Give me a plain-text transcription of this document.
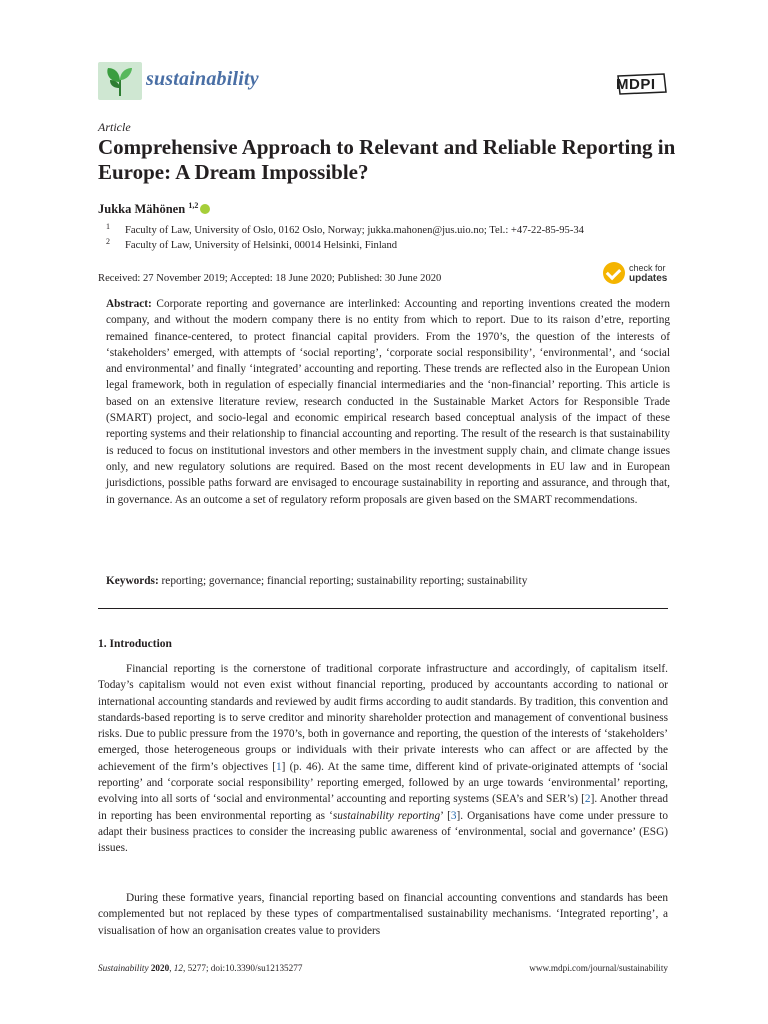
sustainability	MDPI
Article
Comprehensive Approach to Relevant and Reliable Reporting in Europe: A Dream Impossible?
Jukka Mähönen $^{1,2}$
1 Faculty of Law, University of Oslo, 0162 Oslo, Norway; jukka.mahonen@jus.uio.no; Tel.: +47-22-85-95-34
2 Faculty of Law, University of Helsinki, 00014 Helsinki, Finland
Received: 27 November 2019; Accepted: 18 June 2020; Published: 30 June 2020
check for
updates
Abstract: Corporate reporting and governance are interlinked: Accounting and reporting inventions created the modern company, and without the modern company there is no entity from which to report. Due to its raison d’etre, reporting remained finance-centered, to protect financial capital providers. From the 1970’s, the question of the interests of ‘stakeholders’ emerged, with attempts of ‘social reporting’, ‘corporate social responsibility’, ‘environmental’, and ‘social and environmental’ and finally ‘integrated’ accounting and reporting. These trends are reflected also in the European Union legal framework, both in regulation of especially financial intermediaries and the ‘non-financial’ reporting. This article is based on an extensive literature review, research conducted in the Sustainable Market Actors for Responsible Trade (SMART) project, and socio-legal and economic empirical research based conceptual analysis of the impact of these reporting systems and their relationship to financial accounting and reporting. The result of the research is that sustainability is reduced to focus on institutional investors and other members in the investment supply chain, and climate change issues only, and new regulatory solutions are required. Based on the most recent developments in EU law and in European jurisdictions, possible paths forward are envisaged to encourage sustainability in reporting and assurance, and through that, in governance. As an outcome a set of regulatory reform proposals are given based on the SMART recommendations.
Keywords: reporting; governance; financial reporting; sustainability reporting; sustainability
1. Introduction

Financial reporting is the cornerstone of traditional corporate infrastructure and accordingly, of capitalism itself. Today’s capitalism would not even exist without financial reporting, produced by accountants according to national or international accounting standards and reviewed by audit firms according to audit standards. By tradition, this convention and standards-based reporting is to serve creditor and minority shareholder protection and management of conventional business risks. Due to public pressure from the 1970’s, both in governance and reporting, the question of the interests of ‘stakeholders’ emerged, those heterogeneous groups or individuals with their private interests who can affect or are affected by the achievement of the firm’s objectives [1] (p. 46). At the same time, different kind of private-originated attempts of ‘social reporting’ and ‘corporate social responsibility’ reporting emerged, followed by an urge towards ‘environmental’ reporting, evolving into all sorts of ‘social and environmental’ accounting and reporting systems (SEA’s and SER’s) [2]. Another thread in reporting has been environmental reporting as ‘sustainability reporting’ [3]. Organisations have come under pressure to adapt their business practices to consider the increasing public awareness of ‘environmental, social and governance’ (ESG) issues.

During these formative years, financial reporting based on financial accounting conventions and standards has been complemented but not replaced by these types of compartmentalised sustainability mechanisms. ‘Integrated reporting’, a visualisation of how an organisation creates value to providers

Sustainability 2020, 12, 5277; doi:10.3390/su12135277	www.mdpi.com/journal/sustainability
